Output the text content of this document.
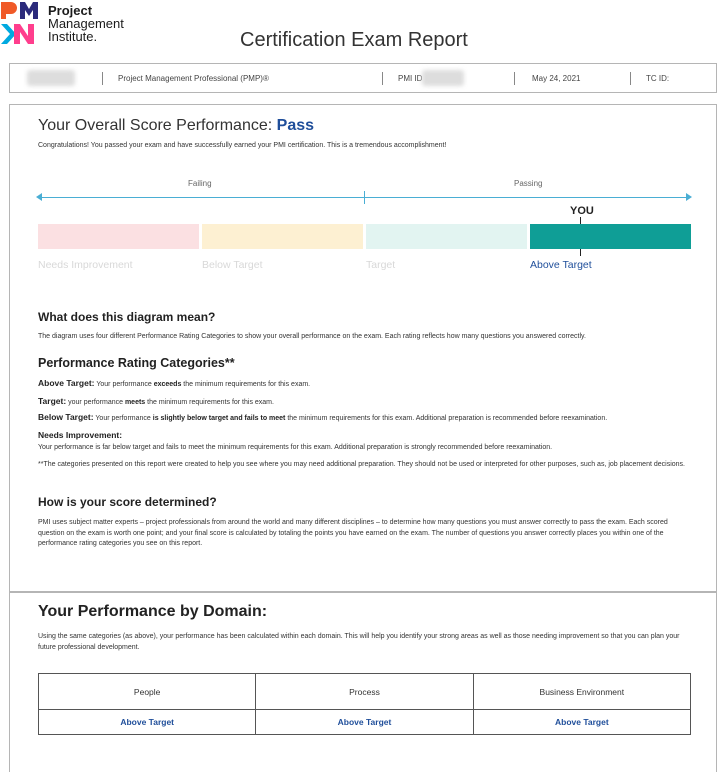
Project
Management
Institute.	Certification Exam Report
Project Management Professional (PMP)®	PMI ID	May 24, 2021	TC ID:
Your Overall Score Performance: Pass
Congratulations! You passed your exam and have successfully earned your PMI certification. This is a tremendous accomplishment!
Failing	Passing
YOU
Needs Improvement	Below Target	Target	Above Target
What does this diagram mean?
The diagram uses four different Performance Rating Categories to show your overall performance on the exam. Each rating reflects how many questions you answered correctly.
Performance Rating Categories**
Above Target: Your performance exceeds the minimum requirements for this exam.
Target: your performance meets the minimum requirements for this exam.
Below Target: Your performance is slightly below target and fails to meet the minimum requirements for this exam. Additional preparation is recommended before reexamination.
Needs Improvement:
Your performance is far below target and fails to meet the minimum requirements for this exam. Additional preparation is strongly recommended before reexamination.
**The categories presented on this report were created to help you see where you may need additional preparation. They should not be used or interpreted for other purposes, such as, job placement decisions.
How is your score determined?
PMI uses subject matter experts – project professionals from around the world and many different disciplines – to determine how many questions you must answer correctly to pass the exam. Each scored question on the exam is worth one point; and your final score is calculated by totaling the points you have earned on the exam. The number of questions you answer correctly places you within one of the performance rating categories you see on this report.
Your Performance by Domain:
Using the same categories (as above), your performance has been calculated within each domain. This will help you identify your strong areas as well as those needing improvement so that you can plan your future professional development.
People	Process	Business Environment
Above Target	Above Target	Above Target
